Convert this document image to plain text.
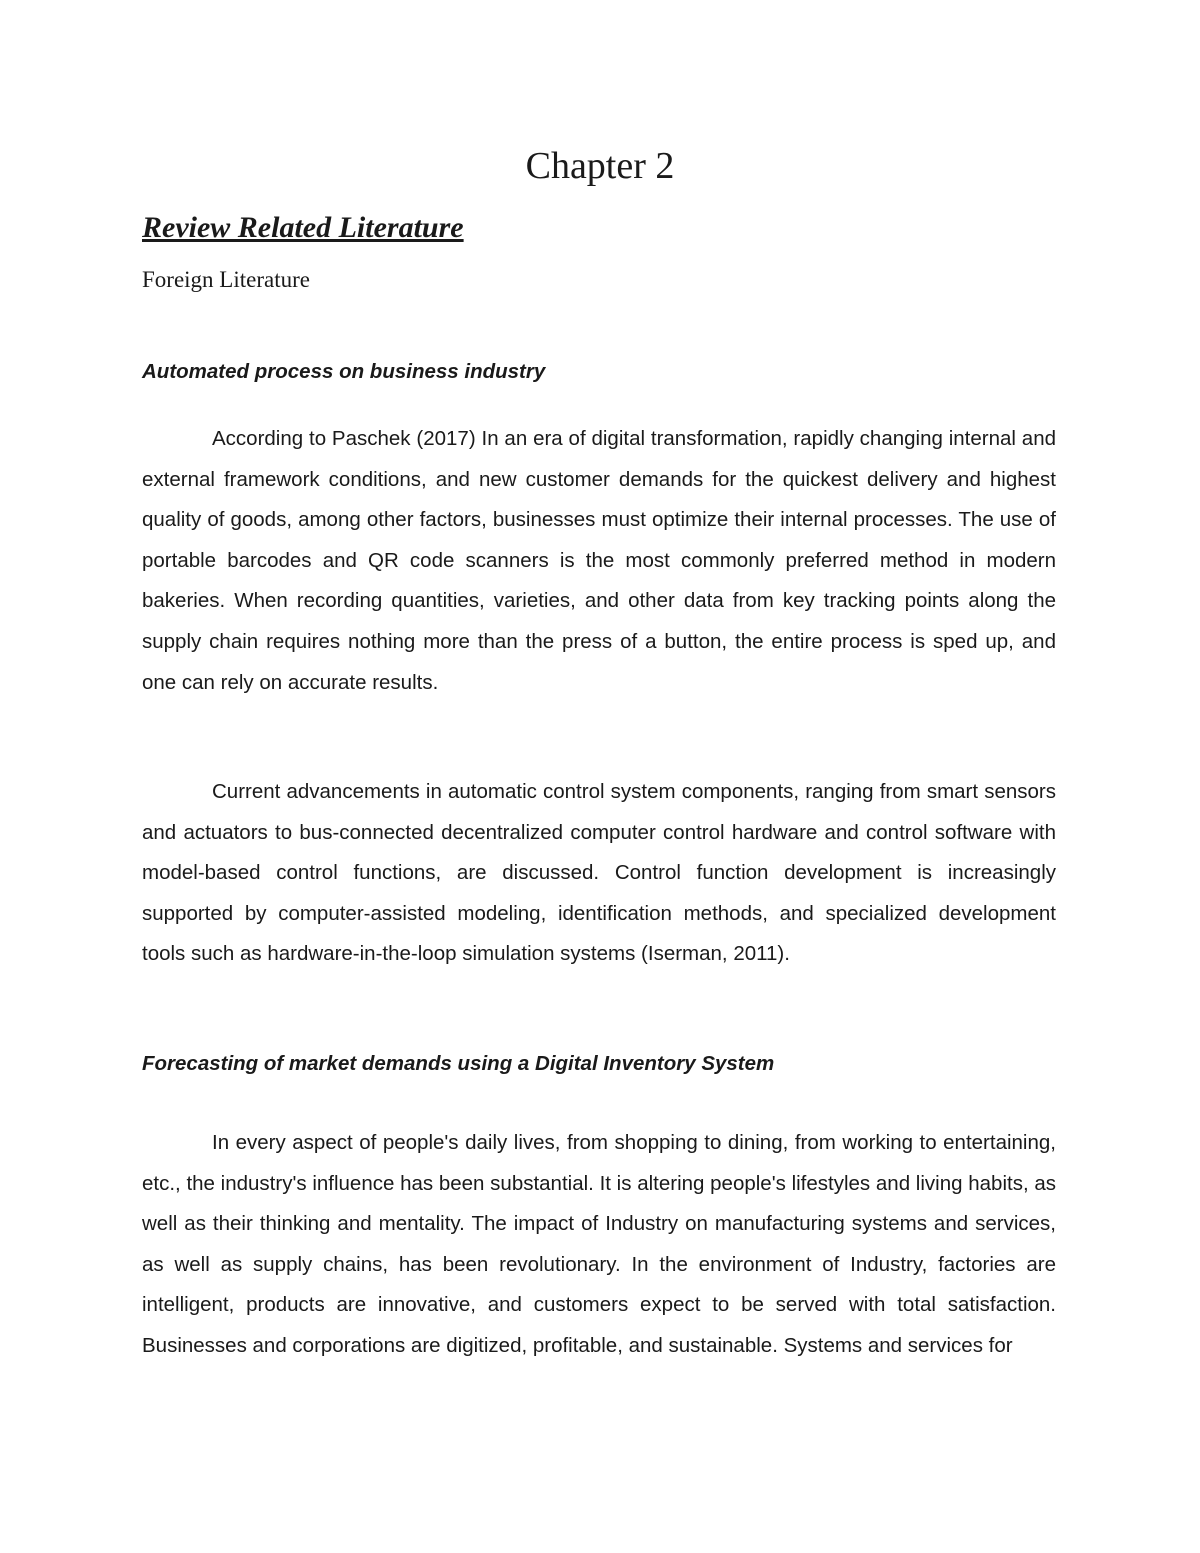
Chapter 2
Review Related Literature
Foreign Literature
Automated process on business industry

According to Paschek (2017) In an era of digital transformation, rapidly changing internal and external framework conditions, and new customer demands for the quickest delivery and highest quality of goods, among other factors, businesses must optimize their internal processes. The use of portable barcodes and QR code scanners is the most commonly preferred method in modern bakeries. When recording quantities, varieties, and other data from key tracking points along the supply chain requires nothing more than the press of a button, the entire process is sped up, and one can rely on accurate results.

Current advancements in automatic control system components, ranging from smart sensors and actuators to bus-connected decentralized computer control hardware and control software with model-based control functions, are discussed. Control function development is increasingly supported by computer-assisted modeling, identification methods, and specialized development tools such as hardware-in-the-loop simulation systems (Iserman, 2011).

Forecasting of market demands using a Digital Inventory System

In every aspect of people's daily lives, from shopping to dining, from working to entertaining, etc., the industry's influence has been substantial. It is altering people's lifestyles and living habits, as well as their thinking and mentality. The impact of Industry on manufacturing systems and services, as well as supply chains, has been revolutionary. In the environment of Industry, factories are intelligent, products are innovative, and customers expect to be served with total satisfaction. Businesses and corporations are digitized, profitable, and sustainable. Systems and services for
